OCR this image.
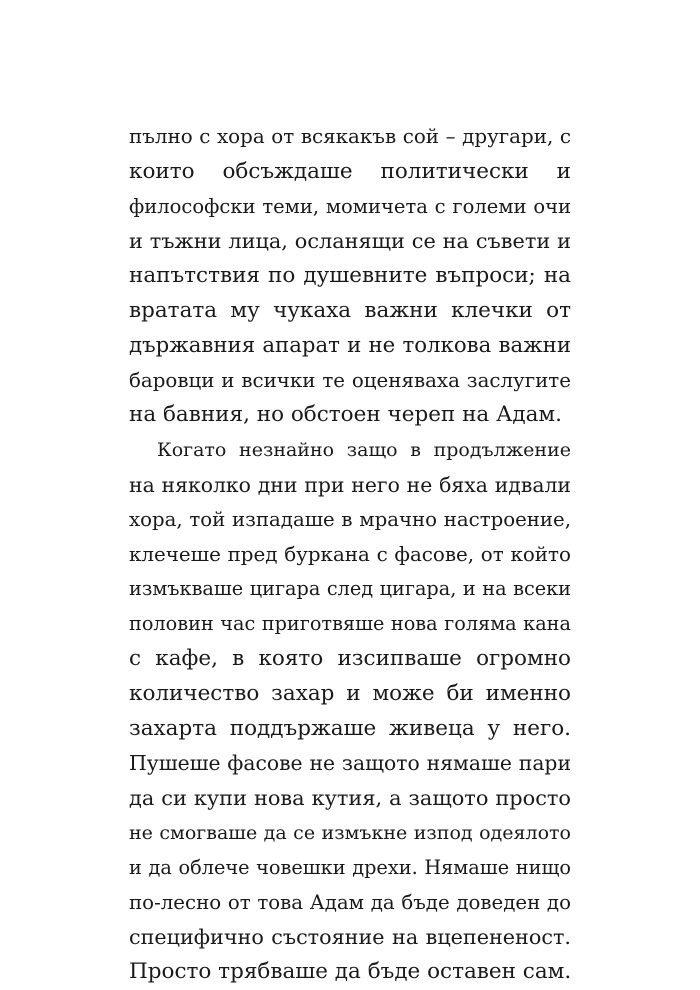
пълно с хора от всякакъв сой – другари, с
които обсъждаше политически и
философски теми, момичета с големи очи
и тъжни лица, осланящи се на съвети и
напътствия по душевните въпроси; на
вратата му чукаха важни клечки от
държавния апарат и не толкова важни
баровци и всички те оценяваха заслугите
на бавния, но обстоен череп на Адам.

Когато незнайно защо в продължение
на няколко дни при него не бяха идвали
хора, той изпадаше в мрачно настроение,
клечеше пред буркана с фасове, от който
измъкваше цигара след цигара, и на всеки
половин час приготвяше нова голяма кана
с кафе, в която изсипваше огромно
количество захар и може би именно
захарта поддържаше живеца у него.
Пушеше фасове не защото нямаше пари
да си купи нова кутия, а защото просто
не смогваше да се измъкне изпод одеялото
и да облече човешки дрехи. Нямаше нищо
по-лесно от това Адам да бъде доведен до
специфично състояние на вцепененост.
Просто трябваше да бъде оставен сам.
